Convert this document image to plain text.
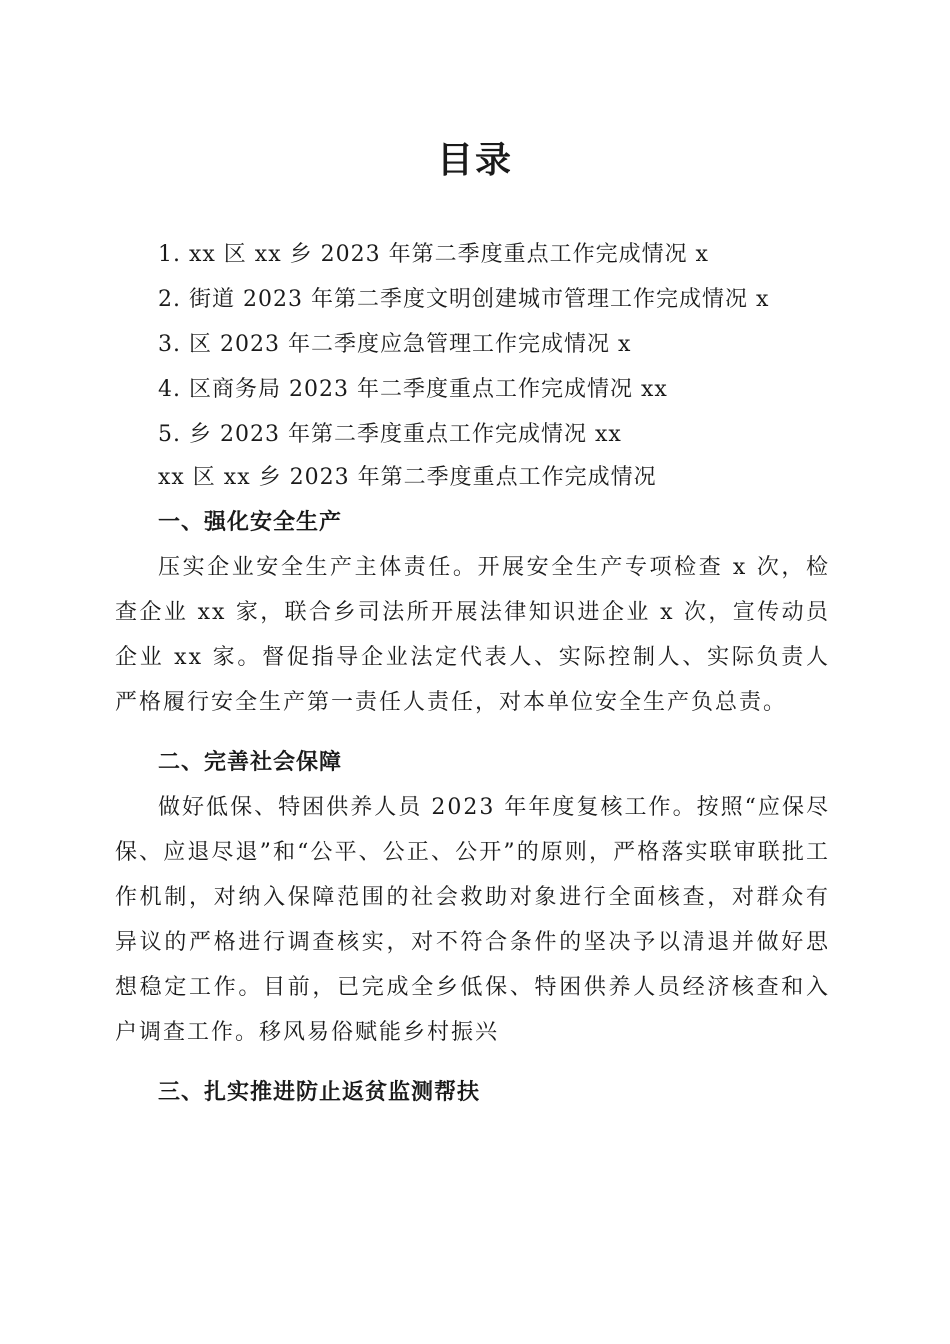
目录
1. xx 区 xx 乡 2023 年第二季度重点工作完成情况 x
2. 街道 2023 年第二季度文明创建城市管理工作完成情况 x
3. 区 2023 年二季度应急管理工作完成情况 x
4. 区商务局 2023 年二季度重点工作完成情况 xx
5. 乡 2023 年第二季度重点工作完成情况 xx
xx 区 xx 乡 2023 年第二季度重点工作完成情况
一、强化安全生产

压实企业安全生产主体责任。开展安全生产专项检查 x 次，检查企业 xx 家，联合乡司法所开展法律知识进企业 x 次，宣传动员企业 xx 家。督促指导企业法定代表人、实际控制人、实际负责人严格履行安全生产第一责任人责任，对本单位安全生产负总责。

二、完善社会保障

做好低保、特困供养人员 2023 年年度复核工作。按照“应保尽保、应退尽退”和“公平、公正、公开”的原则，严格落实联审联批工作机制，对纳入保障范围的社会救助对象进行全面核查，对群众有异议的严格进行调查核实，对不符合条件的坚决予以清退并做好思想稳定工作。目前，已完成全乡低保、特困供养人员经济核查和入户调查工作。移风易俗赋能乡村振兴

三、扎实推进防止返贫监测帮扶
